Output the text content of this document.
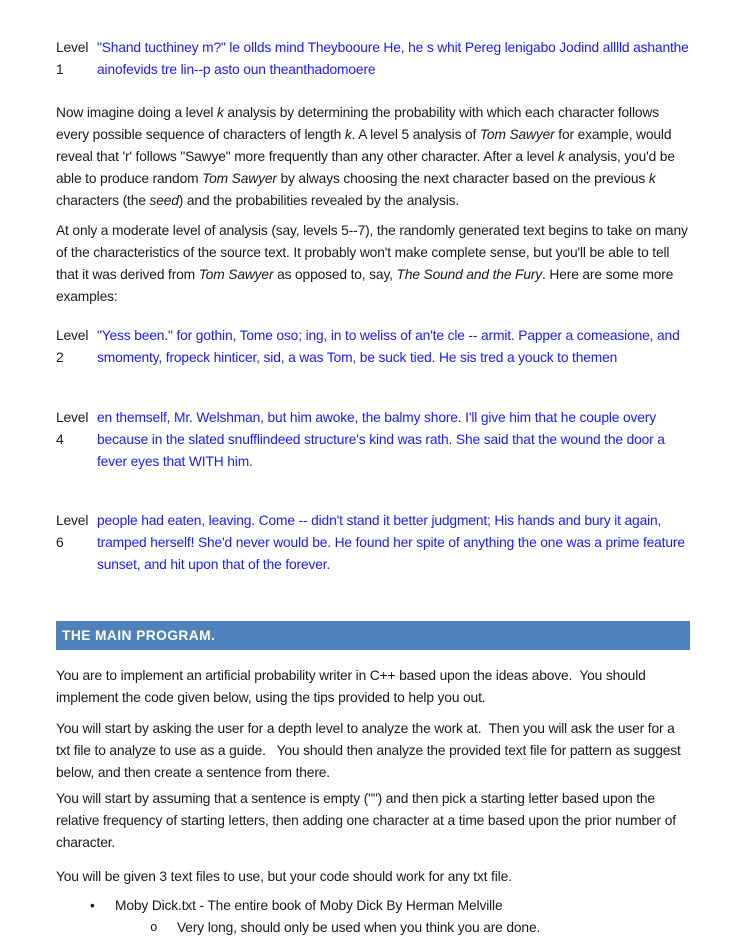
Level 1
"Shand tucthiney m?" le ollds mind Theybooure He, he s whit Pereg lenigabo Jodind alllld ashanthe ainofevids tre lin--p asto oun theanthadomoere

Now imagine doing a level k analysis by determining the probability with which each character follows every possible sequence of characters of length k. A level 5 analysis of Tom Sawyer for example, would reveal that 'r' follows "Sawye" more frequently than any other character. After a level k analysis, you'd be able to produce random Tom Sawyer by always choosing the next character based on the previous k characters (the seed) and the probabilities revealed by the analysis.

At only a moderate level of analysis (say, levels 5--7), the randomly generated text begins to take on many of the characteristics of the source text. It probably won't make complete sense, but you'll be able to tell that it was derived from Tom Sawyer as opposed to, say, The Sound and the Fury. Here are some more examples:

Level 2
"Yess been." for gothin, Tome oso; ing, in to weliss of an'te cle -- armit. Papper a comeasione, and smomenty, fropeck hinticer, sid, a was Tom, be suck tied. He sis tred a youck to themen
Level 4
en themself, Mr. Welshman, but him awoke, the balmy shore. I'll give him that he couple overy because in the slated snufflindeed structure's kind was rath. She said that the wound the door a fever eyes that WITH him.
Level 6
people had eaten, leaving. Come -- didn't stand it better judgment; His hands and bury it again, tramped herself! She'd never would be. He found her spite of anything the one was a prime feature sunset, and hit upon that of the forever.
THE MAIN PROGRAM.

You are to implement an artificial probability writer in C++ based upon the ideas above.  You should implement the code given below, using the tips provided to help you out.

You will start by asking the user for a depth level to analyze the work at.  Then you will ask the user for a txt file to analyze to use as a guide.   You should then analyze the provided text file for pattern as suggest below, and then create a sentence from there.

You will start by assuming that a sentence is empty ("") and then pick a starting letter based upon the relative frequency of starting letters, then adding one character at a time based upon the prior number of character.

You will be given 3 text files to use, but your code should work for any txt file.

•	Moby Dick.txt - The entire book of Moby Dick By Herman Melville
o	Very long, should only be used when you think you are done.
